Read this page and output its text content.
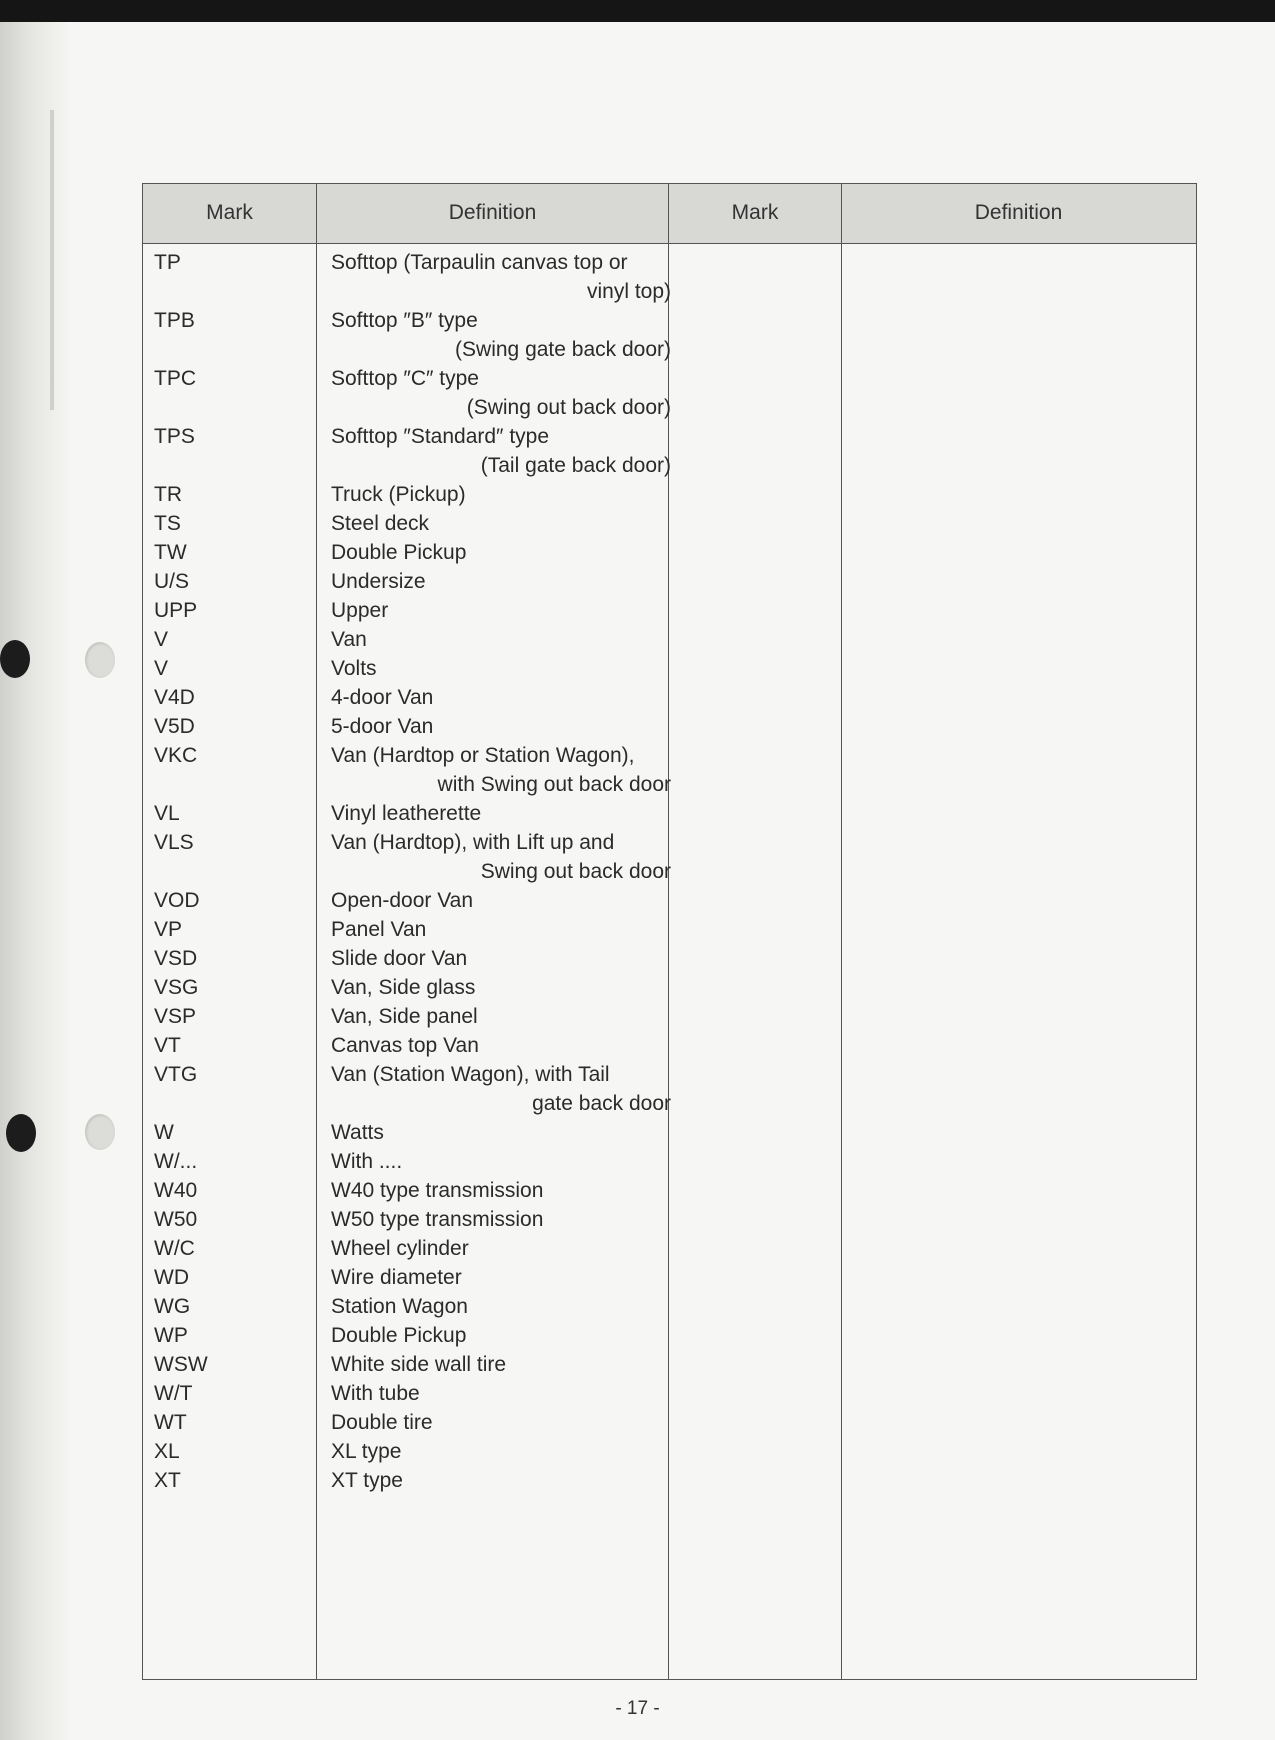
Mark	Definition	Mark	Definition
TP	Softtop (Tarpaulin canvas top or
vinyl top)
TPB	Softtop ″B″ type
(Swing gate back door)
TPC	Softtop ″C″ type
(Swing out back door)
TPS	Softtop ″Standard″ type
(Tail gate back door)
TR	Truck (Pickup)
TS	Steel deck
TW	Double Pickup
U/S	Undersize
UPP	Upper
V	Van
V	Volts
V4D	4-door Van
V5D	5-door Van
VKC	Van (Hardtop or Station Wagon),
with Swing out back door
VL	Vinyl leatherette
VLS	Van (Hardtop), with Lift up and
Swing out back door
VOD	Open-door Van
VP	Panel Van
VSD	Slide door Van
VSG	Van, Side glass
VSP	Van, Side panel
VT	Canvas top Van
VTG	Van (Station Wagon), with Tail
gate back door
W	Watts
W/...	With ....
W40	W40 type transmission
W50	W50 type transmission
W/C	Wheel cylinder
WD	Wire diameter
WG	Station Wagon
WP	Double Pickup
WSW	White side wall tire
W/T	With tube
WT	Double tire
XL	XL type
XT	XT type
- 17 -
